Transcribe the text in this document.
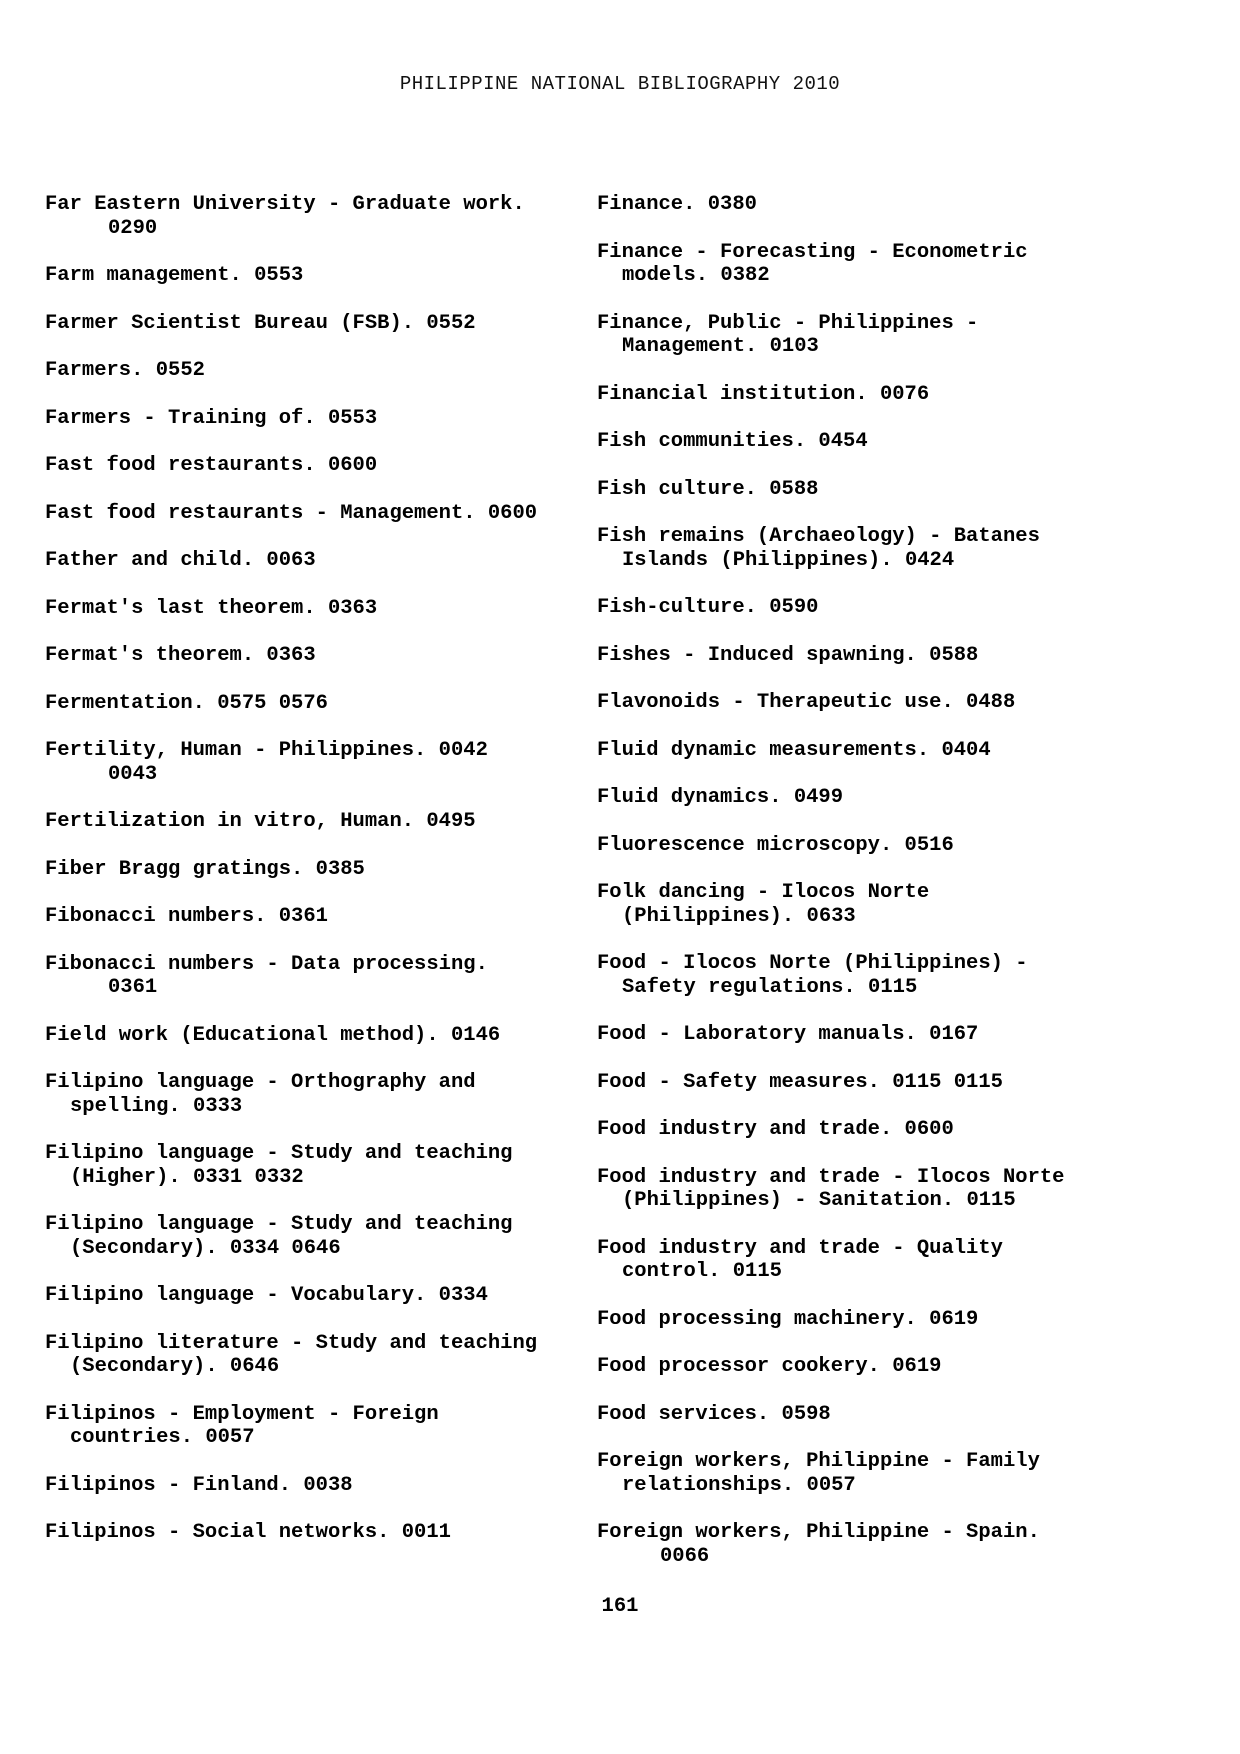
PHILIPPINE NATIONAL BIBLIOGRAPHY 2010
Far Eastern University - Graduate work.
0290
Farm management. 0553
Farmer Scientist Bureau (FSB). 0552
Farmers. 0552
Farmers - Training of. 0553
Fast food restaurants. 0600
Fast food restaurants - Management. 0600
Father and child. 0063
Fermat's last theorem. 0363
Fermat's theorem. 0363
Fermentation. 0575 0576
Fertility, Human - Philippines. 0042
0043
Fertilization in vitro, Human. 0495
Fiber Bragg gratings. 0385
Fibonacci numbers. 0361
Fibonacci numbers - Data processing.
0361
Field work (Educational method). 0146
Filipino language - Orthography and
spelling. 0333
Filipino language - Study and teaching
(Higher). 0331 0332
Filipino language - Study and teaching
(Secondary). 0334 0646
Filipino language - Vocabulary. 0334
Filipino literature - Study and teaching
(Secondary). 0646
Filipinos - Employment - Foreign
countries. 0057
Filipinos - Finland. 0038
Filipinos - Social networks. 0011
Finance. 0380
Finance - Forecasting - Econometric
models. 0382
Finance, Public - Philippines -
Management. 0103
Financial institution. 0076
Fish communities. 0454
Fish culture. 0588
Fish remains (Archaeology) - Batanes
Islands (Philippines). 0424
Fish-culture. 0590
Fishes - Induced spawning. 0588
Flavonoids - Therapeutic use. 0488
Fluid dynamic measurements. 0404
Fluid dynamics. 0499
Fluorescence microscopy. 0516
Folk dancing - Ilocos Norte
(Philippines). 0633
Food - Ilocos Norte (Philippines) -
Safety regulations. 0115
Food - Laboratory manuals. 0167
Food - Safety measures. 0115 0115
Food industry and trade. 0600
Food industry and trade - Ilocos Norte
(Philippines) - Sanitation. 0115
Food industry and trade - Quality
control. 0115
Food processing machinery. 0619
Food processor cookery. 0619
Food services. 0598
Foreign workers, Philippine - Family
relationships. 0057
Foreign workers, Philippine - Spain.
0066
161
